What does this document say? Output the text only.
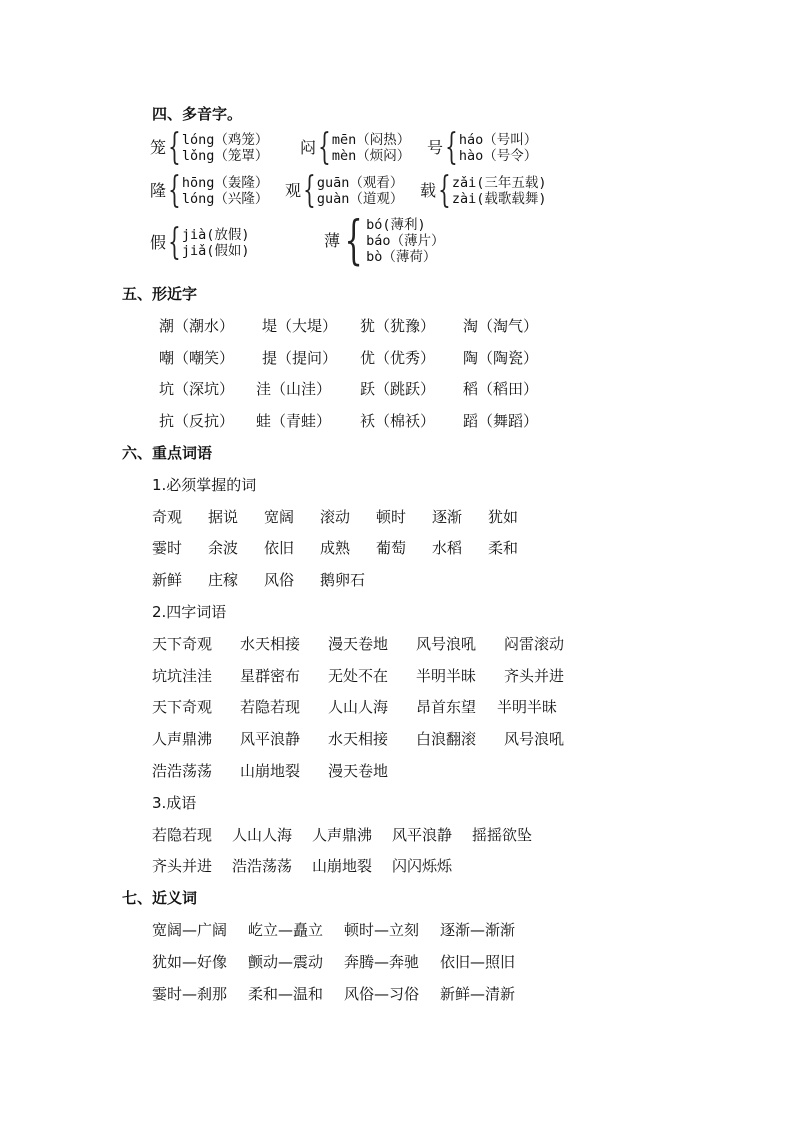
四、多音字。
笼 { lóng（鸡笼）
lǒng（笼罩） 闷 { mēn（闷热）
mèn（烦闷） 号 { háo（号叫）
hào（号令）
隆 { hōng（轰隆）
lóng（兴隆） 观 { guān（观看）
guàn（道观） 载 { zǎi(三年五载)
zài(载歌载舞)
假 { jià(放假)
jiǎ(假如)
薄 { bó(薄利)
báo（薄片）
bò（薄荷）
五、形近字
潮（潮水） 堤（大堤） 犹（犹豫） 淘（淘气）
嘲（嘲笑） 提（提问） 优（优秀） 陶（陶瓷）
坑（深坑） 洼（山洼） 跃（跳跃） 稻（稻田）
抗（反抗） 蛙（青蛙） 袄（棉袄） 蹈（舞蹈）
六、重点词语
1.必须掌握的词
奇观 据说 宽阔 滚动 顿时 逐渐 犹如
霎时 余波 依旧 成熟 葡萄 水稻 柔和
新鲜 庄稼 风俗 鹅卵石
2.四字词语
天下奇观 水天相接 漫天卷地 风号浪吼 闷雷滚动
坑坑洼洼 星群密布 无处不在 半明半昧 齐头并进
天下奇观 若隐若现 人山人海 昂首东望 半明半昧
人声鼎沸 风平浪静 水天相接 白浪翻滚 风号浪吼
浩浩荡荡 山崩地裂 漫天卷地
3.成语
若隐若现 人山人海 人声鼎沸 风平浪静 摇摇欲坠
齐头并进 浩浩荡荡 山崩地裂 闪闪烁烁
七、近义词
宽阔—广阔 屹立—矗立 顿时—立刻 逐渐—渐渐
犹如—好像 颤动—震动 奔腾—奔驰 依旧—照旧
霎时—刹那 柔和—温和 风俗—习俗 新鲜—清新
